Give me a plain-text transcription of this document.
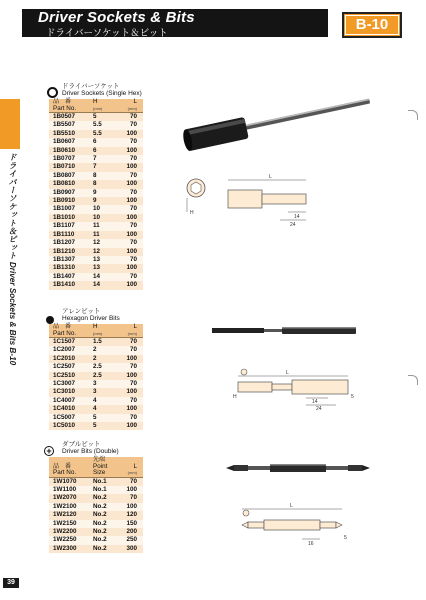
Driver Sockets & Bits
ドライバーソケット＆ビット
B-10
ドライバーソケット＆ビット Driver Sockets & Bits B-10
ドライバーソケット
Driver Sockets (Single Hex)
品　番
Part No.	H
(mm)	L
(mm)

1B0507	5	70
1B5507	5.5	70
1B5510	5.5	100
1B0607	6	70
1B0610	6	100
1B0707	7	70
1B0710	7	100
1B0807	8	70
1B0810	8	100
1B0907	9	70
1B0910	9	100
1B1007	10	70
1B1010	10	100
1B1107	11	70
1B1110	11	100
1B1207	12	70
1B1210	12	100
1B1307	13	70
1B1310	13	100
1B1407	14	70
1B1410	14	100
アレンビット
Hexagon Driver Bits
品　番
Part No.	H
(mm)	L
(mm)

1C1507	1.5	70
1C2007	2	70
1C2010	2	100
1C2507	2.5	70
1C2510	2.5	100
1C3007	3	70
1C3010	3	100
1C4007	4	70
1C4010	4	100
1C5007	5	70
1C5010	5	100
+
ダブルビット
Driver Bits (Double)
品　番
Part No.	先端
Point Size	L
(mm)

1W1070	No.1	70
1W1100	No.1	100
1W2070	No.2	70
1W2100	No.2	100
1W2120	No.2	120
1W2150	No.2	150
1W2200	No.2	200
1W2250	No.2	250
1W2300	No.2	300
L
14
24
H
L
14
24
H	5
L
16
5
39
